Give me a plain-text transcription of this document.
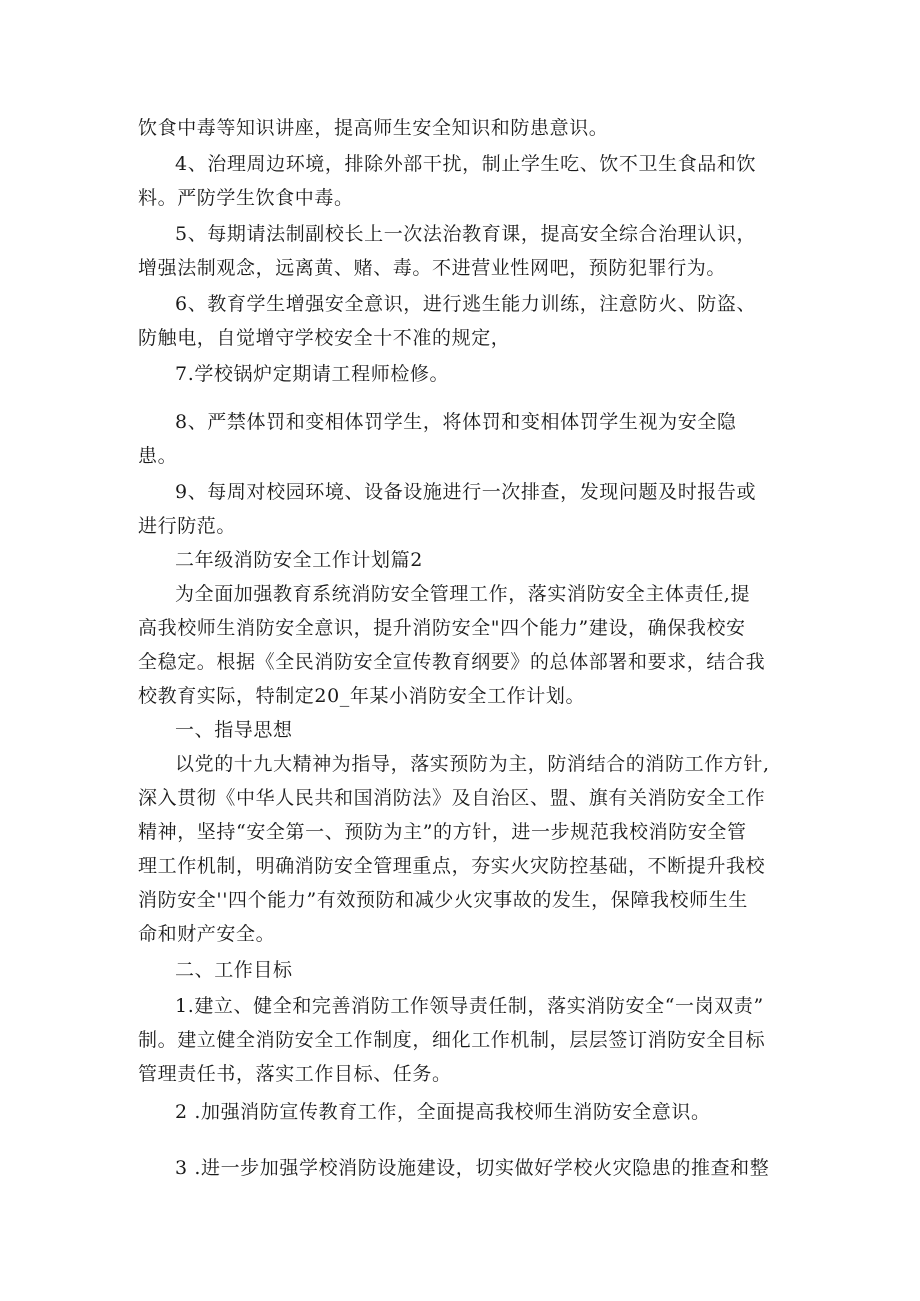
饮食中毒等知识讲座，提高师生安全知识和防患意识。
4、治理周边环境，排除外部干扰，制止学生吃、饮不卫生食品和饮
料。严防学生饮食中毒。
5、每期请法制副校长上一次法治教育课，提高安全综合治理认识，
增强法制观念，远离黄、赌、毒。不进营业性网吧，预防犯罪行为。
6、教育学生增强安全意识，进行逃生能力训练，注意防火、防盗、
防触电，自觉增守学校安全十不准的规定，
7.学校锅炉定期请工程师检修。
8、严禁体罚和变相体罚学生，将体罚和变相体罚学生视为安全隐
患。
9、每周对校园环境、设备设施进行一次排查，发现问题及时报告或
进行防范。
二年级消防安全工作计划篇2
为全面加强教育系统消防安全管理工作，落实消防安全主体责任,提
高我校师生消防安全意识，提升消防安全"四个能力”建设，确保我校安
全稳定。根据《全民消防安全宣传教育纲要》的总体部署和要求，结合我
校教育实际，特制定20_年某小消防安全工作计划。
一、指导思想
以党的十九大精神为指导，落实预防为主，防消结合的消防工作方针,
深入贯彻《中华人民共和国消防法》及自治区、盟、旗有关消防安全工作
精神，坚持“安全第一、预防为主”的方针，进一步规范我校消防安全管
理工作机制，明确消防安全管理重点，夯实火灾防控基础，不断提升我校
消防安全''四个能力”有效预防和减少火灾事故的发生，保障我校师生生
命和财产安全。
二、工作目标
1.建立、健全和完善消防工作领导责任制，落实消防安全“一岗双责”
制。建立健全消防安全工作制度，细化工作机制，层层签订消防安全目标
管理责任书，落实工作目标、任务。
2 .加强消防宣传教育工作，全面提高我校师生消防安全意识。
3 .进一步加强学校消防设施建设，切实做好学校火灾隐患的推查和整
